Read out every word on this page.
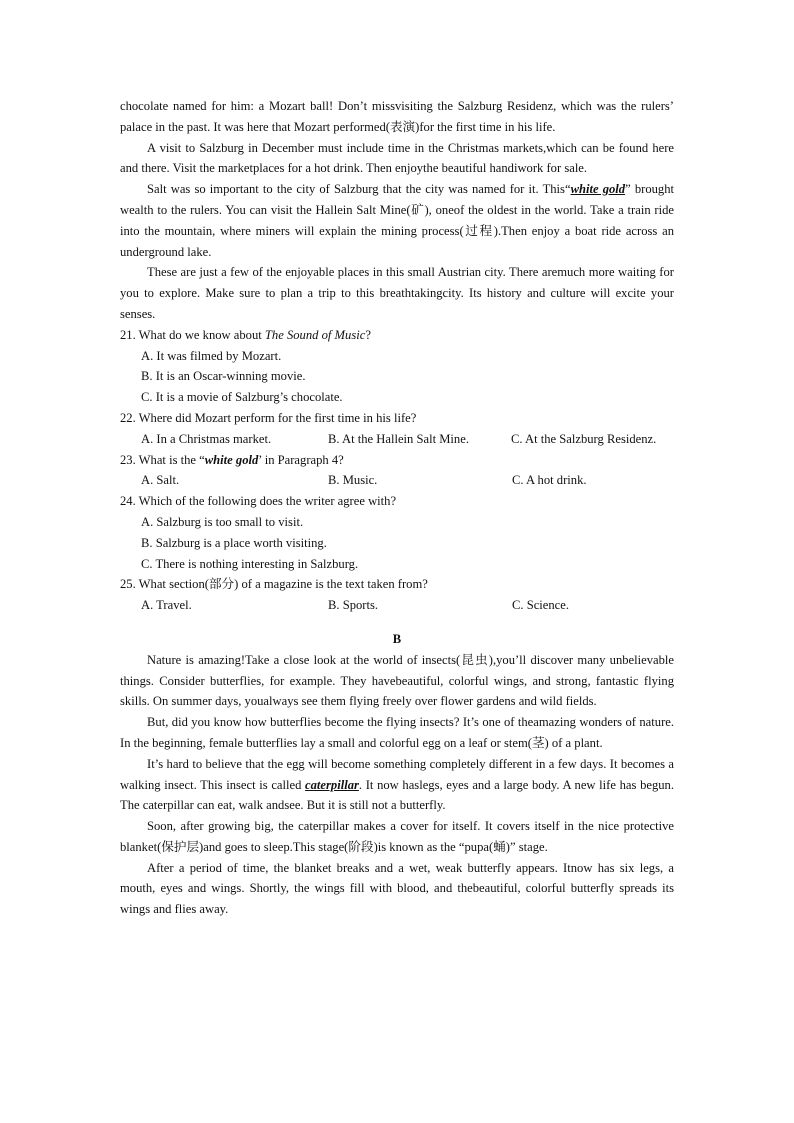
chocolate named for him: a Mozart ball! Don’t missvisiting the Salzburg Residenz, which was the rulers’ palace in the past. It was here that Mozart performed(表演)for the first time in his life.

A visit to Salzburg in December must include time in the Christmas markets,which can be found here and there. Visit the marketplaces for a hot drink. Then enjoythe beautiful handiwork for sale.

Salt was so important to the city of Salzburg that the city was named for it. This“white gold” brought wealth to the rulers. You can visit the Hallein Salt Mine(矿), oneof the oldest in the world. Take a train ride into the mountain, where miners will explain the mining process(过程).Then enjoy a boat ride across an underground lake.

These are just a few of the enjoyable places in this small Austrian city. There aremuch more waiting for you to explore. Make sure to plan a trip to this breathtakingcity. Its history and culture will excite your senses.

21. What do we know about The Sound of Music?

A. It was filmed by Mozart.

B. It is an Oscar-winning movie.

C. It is a movie of Salzburg’s chocolate.

22. Where did Mozart perform for the first time in his life?

A. In a Christmas market.	B. At the Hallein Salt Mine.	C. At the Salzburg Residenz.

23. What is the “white gold’ in Paragraph 4?

A. Salt.	B. Music.	C. A hot drink.

24. Which of the following does the writer agree with?

A. Salzburg is too small to visit.

B. Salzburg is a place worth visiting.

C. There is nothing interesting in Salzburg.

25. What section(部分) of a magazine is the text taken from?

A. Travel.	B. Sports.	C. Science.

B

Nature is amazing!Take a close look at the world of insects(昆虫),you’ll discover many unbelievable things. Consider butterflies, for example. They havebeautiful, colorful wings, and strong, fantastic flying skills. On summer days, youalways see them flying freely over flower gardens and wild fields.

But, did you know how butterflies become the flying insects? It’s one of theamazing wonders of nature. In the beginning, female butterflies lay a small and colorful egg on a leaf or stem(茎) of a plant.

It’s hard to believe that the egg will become something completely different in a few days. It becomes a walking insect. This insect is called caterpillar. It now haslegs, eyes and a large body. A new life has begun. The caterpillar can eat, walk andsee. But it is still not a butterfly.

Soon, after growing big, the caterpillar makes a cover for itself. It covers itself in the nice protective blanket(保护层)and goes to sleep.This stage(阶段)is known as the “pupa(蛹)” stage.

After a period of time, the blanket breaks and a wet, weak butterfly appears. Itnow has six legs, a mouth, eyes and wings. Shortly, the wings fill with blood, and thebeautiful, colorful butterfly spreads its wings and flies away.
